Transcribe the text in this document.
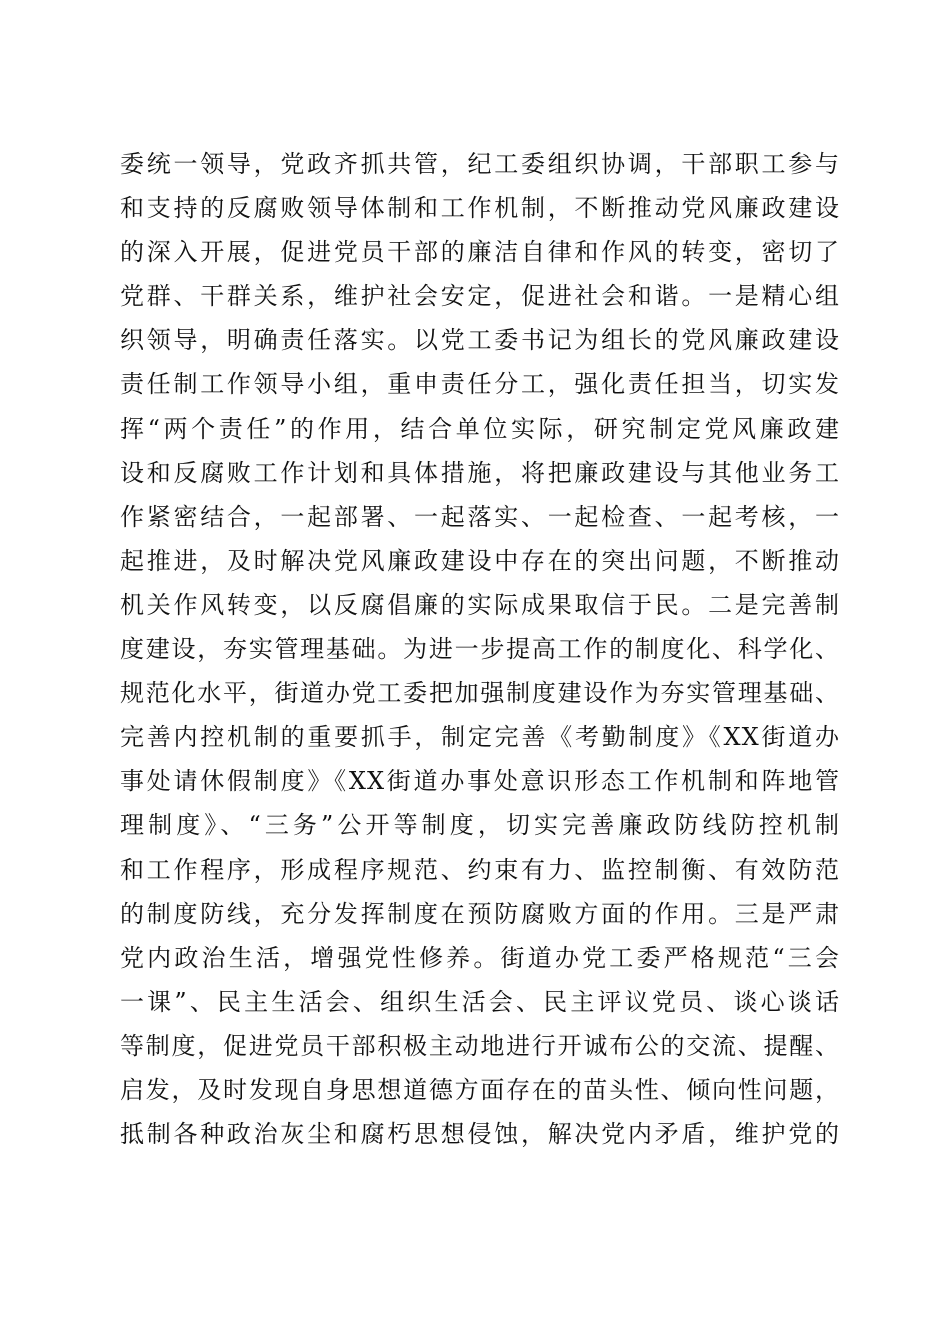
委统一领导，党政齐抓共管，纪工委组织协调，干部职工参与
和支持的反腐败领导体制和工作机制，不断推动党风廉政建设
的深入开展，促进党员干部的廉洁自律和作风的转变，密切了
党群、干群关系，维护社会安定，促进社会和谐。一是精心组
织领导，明确责任落实。以党工委书记为组长的党风廉政建设
责任制工作领导小组，重申责任分工，强化责任担当，切实发
挥“两个责任”的作用，结合单位实际，研究制定党风廉政建
设和反腐败工作计划和具体措施，将把廉政建设与其他业务工
作紧密结合，一起部署、一起落实、一起检查、一起考核，一
起推进，及时解决党风廉政建设中存在的突出问题，不断推动
机关作风转变，以反腐倡廉的实际成果取信于民。二是完善制
度建设，夯实管理基础。为进一步提高工作的制度化、科学化、
规范化水平，街道办党工委把加强制度建设作为夯实管理基础、
完善内控机制的重要抓手，制定完善《考勤制度》《XX街道办
事处请休假制度》《XX街道办事处意识形态工作机制和阵地管
理制度》、“三务”公开等制度，切实完善廉政防线防控机制
和工作程序，形成程序规范、约束有力、监控制衡、有效防范
的制度防线，充分发挥制度在预防腐败方面的作用。三是严肃
党内政治生活，增强党性修养。街道办党工委严格规范“三会
一课”、民主生活会、组织生活会、民主评议党员、谈心谈话
等制度，促进党员干部积极主动地进行开诚布公的交流、提醒、
启发，及时发现自身思想道德方面存在的苗头性、倾向性问题，
抵制各种政治灰尘和腐朽思想侵蚀，解决党内矛盾，维护党的
